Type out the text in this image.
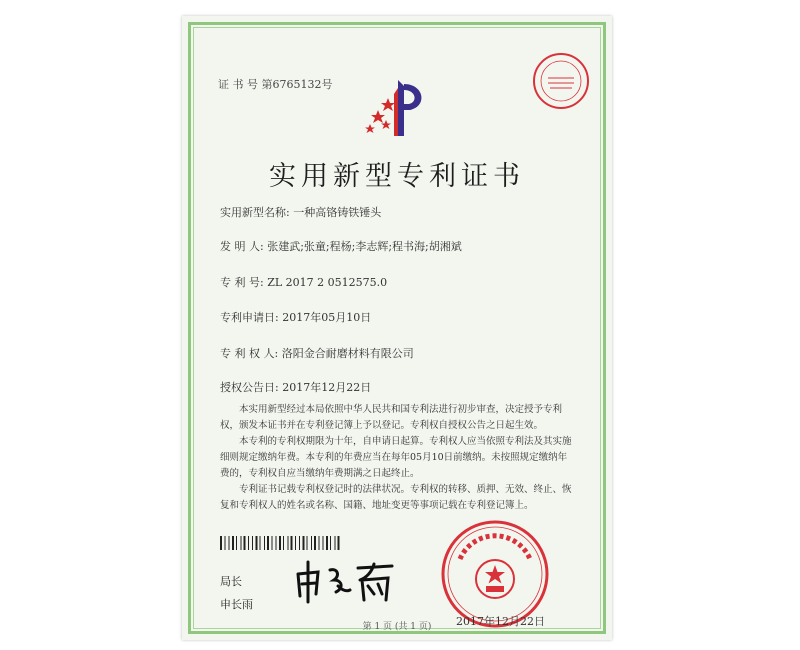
证 书 号 第6765132号
实用新型专利证书
实用新型名称: 一种高铬铸铁锤头
发 明 人: 张建武;张童;程杨;李志辉;程书海;胡湘斌
专 利 号: ZL 2017 2 0512575.0
专利申请日: 2017年05月10日
专 利 权 人: 洛阳金合耐磨材料有限公司
授权公告日: 2017年12月22日

本实用新型经过本局依照中华人民共和国专利法进行初步审查，决定授予专利权，颁发本证书并在专利登记簿上予以登记。专利权自授权公告之日起生效。

本专利的专利权期限为十年，自申请日起算。专利权人应当依照专利法及其实施细则规定缴纳年费。本专利的年费应当在每年05月10日前缴纳。未按照规定缴纳年费的，专利权自应当缴纳年费期满之日起终止。

专利证书记载专利权登记时的法律状况。专利权的转移、质押、无效、终止、恢复和专利权人的姓名或名称、国籍、地址变更等事项记载在专利登记簿上。

局长
申长雨
2017年12月22日
第 1 页 (共 1 页)
